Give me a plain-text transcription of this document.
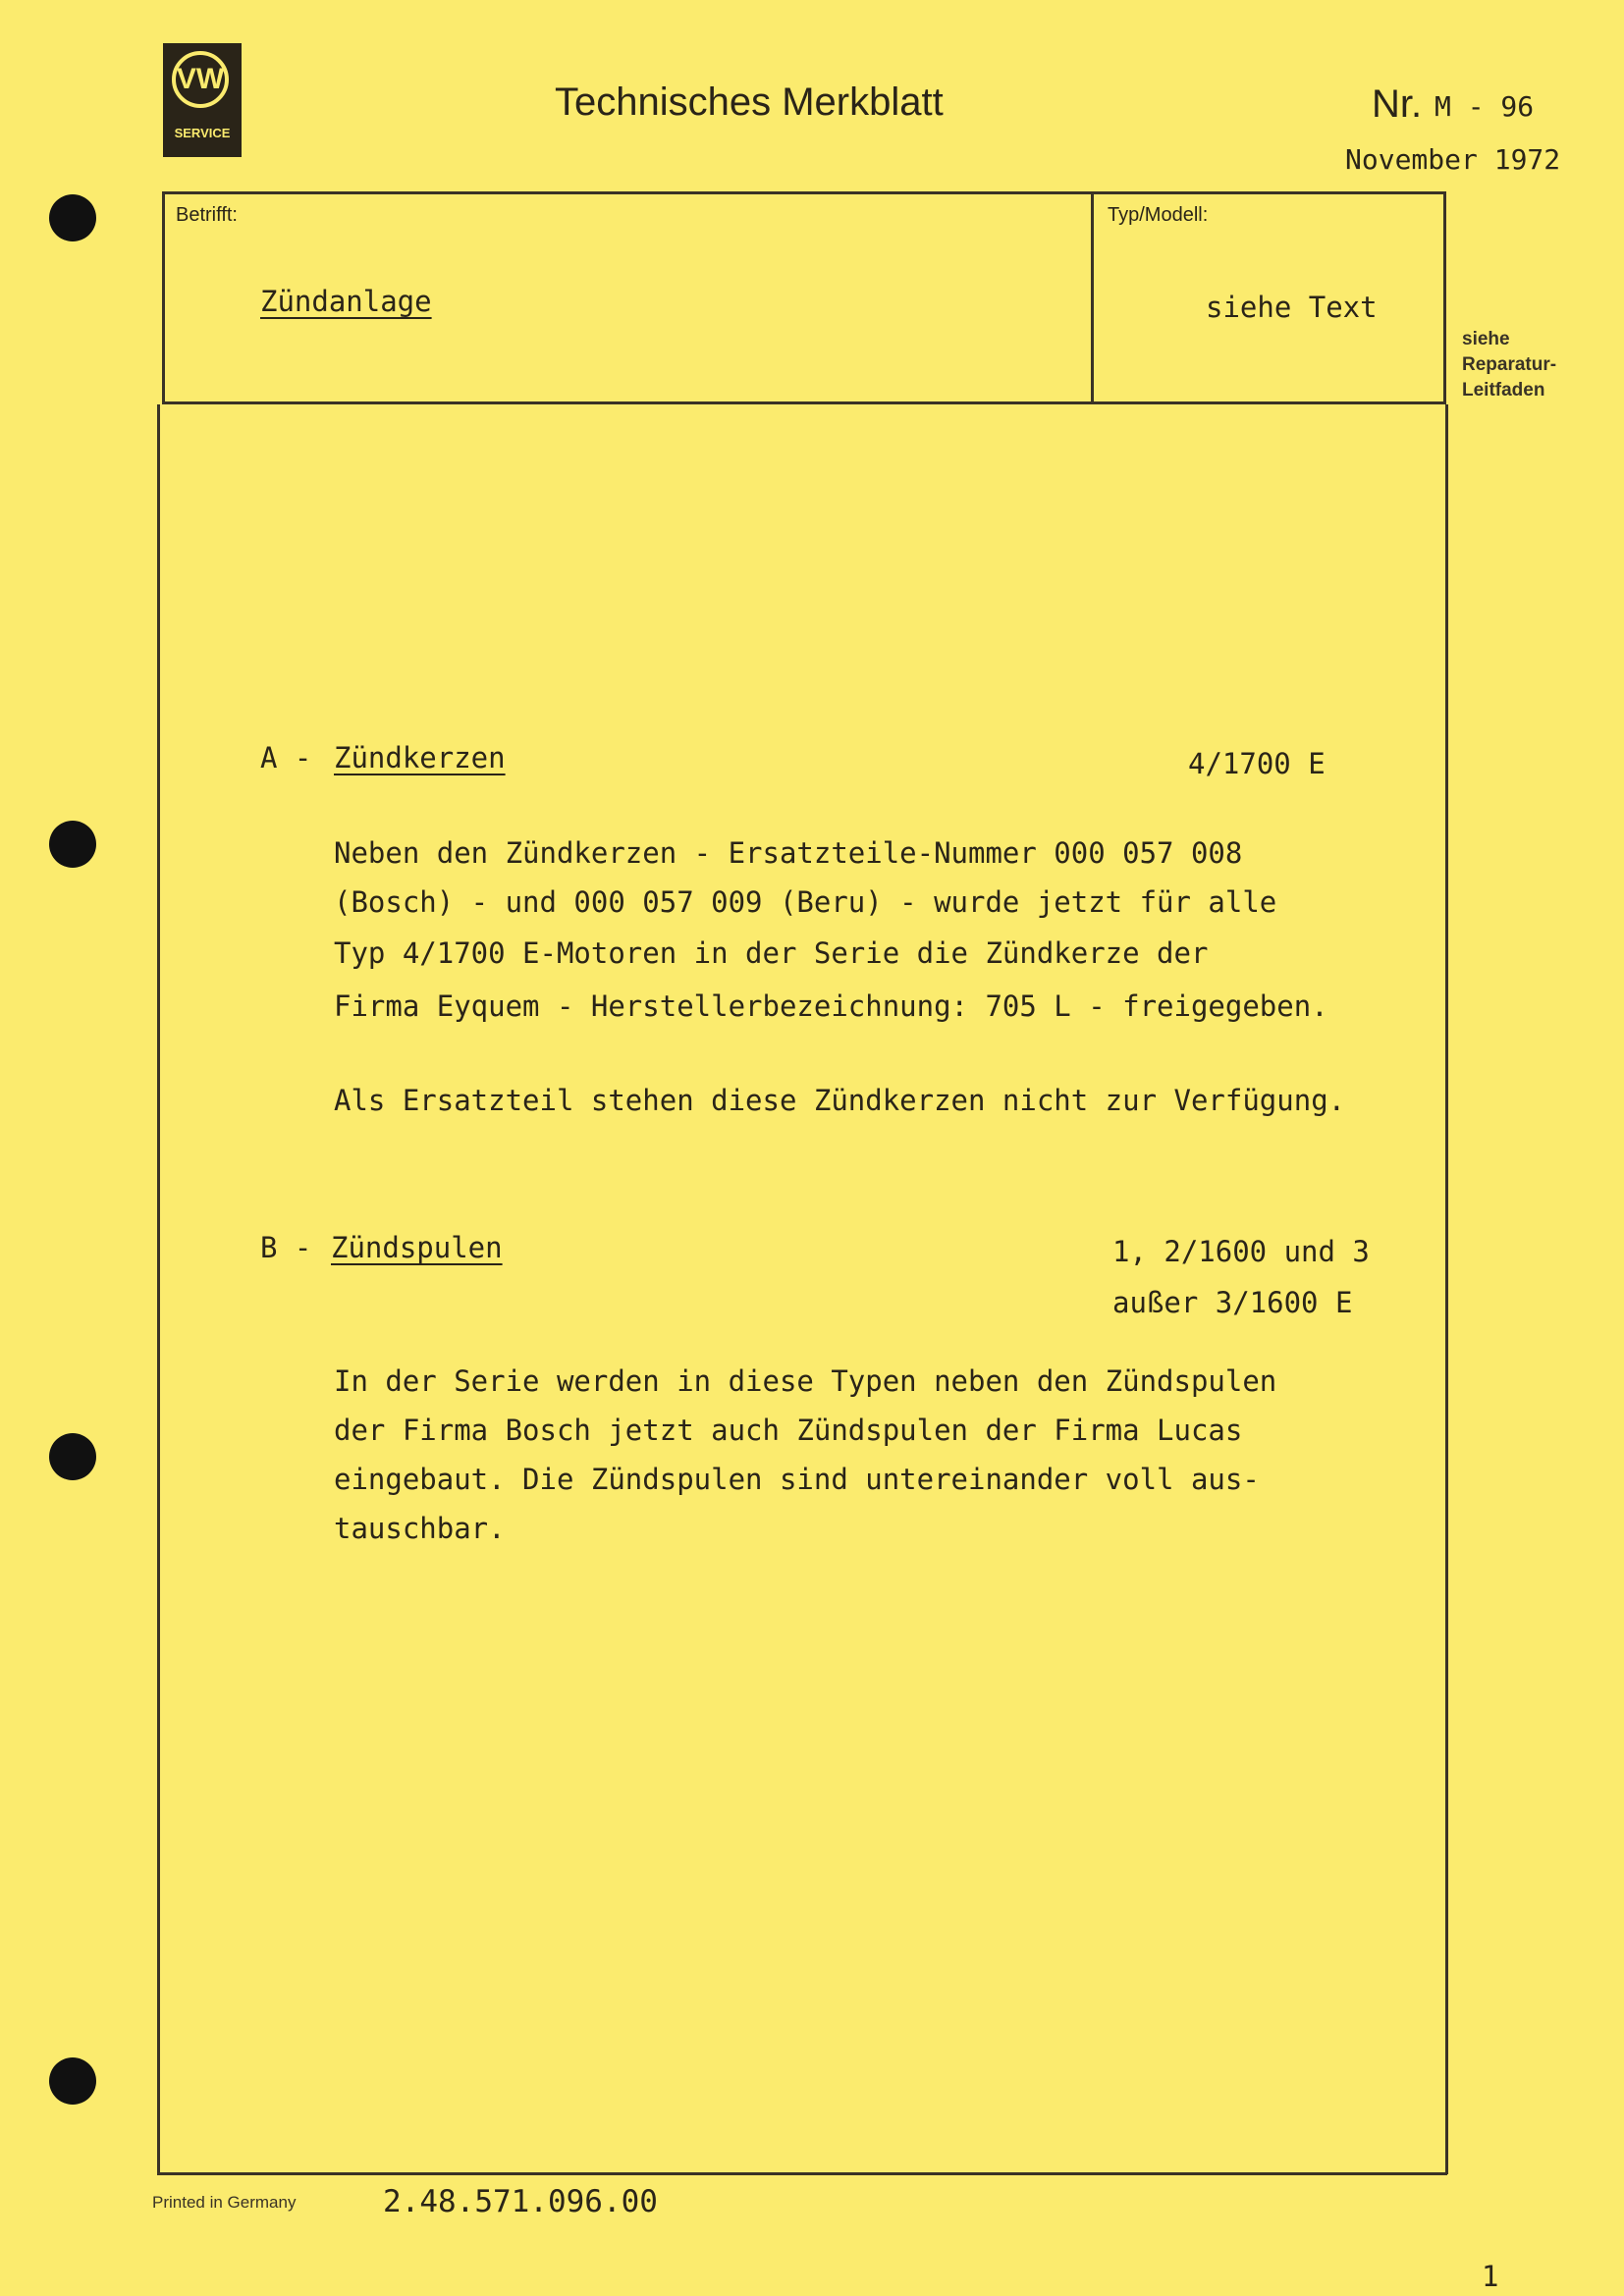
VW
SERVICE
Technisches Merkblatt	Nr. M - 96
November 1972
Betrifft:
Zündanlage
Typ/Modell:
siehe Text
siehe
Reparatur-
Leitfaden
A - Zündkerzen	4/1700 E
Neben den Zündkerzen - Ersatzteile-Nummer 000 057 008
(Bosch) - und 000 057 009 (Beru) - wurde jetzt für alle
Typ 4/1700 E-Motoren in der Serie die Zündkerze der
Firma Eyquem - Herstellerbezeichnung: 705 L - freigegeben.
Als Ersatzteil stehen diese Zündkerzen nicht zur Verfügung.
B - Zündspulen	1, 2/1600 und 3
außer 3/1600 E
In der Serie werden in diese Typen neben den Zündspulen
der Firma Bosch jetzt auch Zündspulen der Firma Lucas
eingebaut. Die Zündspulen sind untereinander voll aus-
tauschbar.
Printed in Germany	2.48.571.096.00
1
